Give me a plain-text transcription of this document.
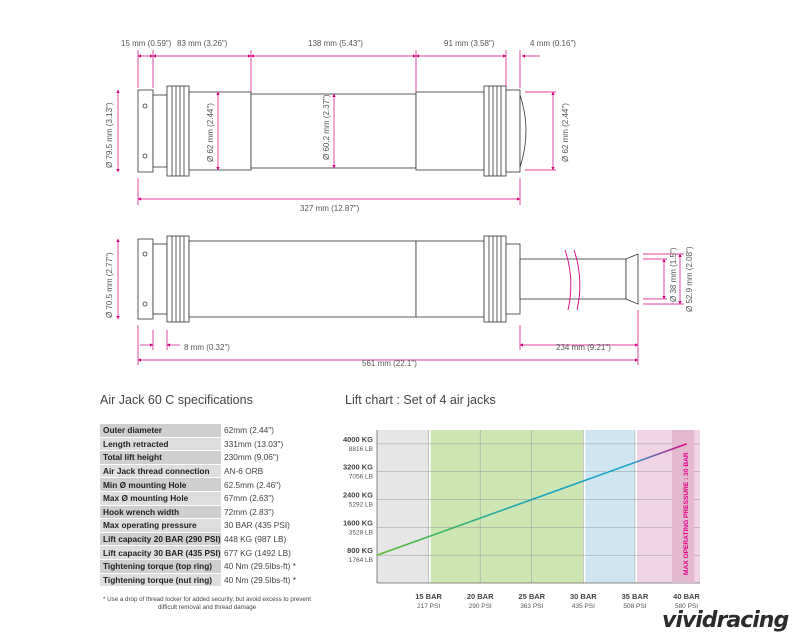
15 mm (0.59") 83 mm (3.26")	138 mm (5.43")	91 mm (3.58")	4 mm (0.16")
Ø 79.5 mm (3.13")	Ø 62 mm (2.44")	Ø 60.2 mm (2.37")	Ø 62 mm (2.44")
327 mm (12.87")
Ø 70.5 mm (2.77")	Ø 38 mm (1.5") Ø 52.9 mm (2.08")
8 mm (0.32")	234 mm (9.21")
561 mm (22.1")
Air Jack 60 C specifications
Outer diameter	62mm (2.44")
Length retracted	331mm (13.03")
Total lift height	230mm (9.06")
Air Jack thread connection	AN-6 ORB
Min Ø mounting Hole	62.5mm (2.46")
Max Ø mounting Hole	67mm (2.63")
Hook wrench width	72mm (2.83")
Max operating pressure	30 BAR (435 PSI)
Lift capacity 20 BAR (290 PSI)	448 KG (987 LB)
Lift capacity 30 BAR (435 PSI)	677 KG (1492 LB)
Tightening torque (top ring)	40 Nm (29.5lbs-ft) *
Tightening torque (nut ring)	40 Nm (29.5lbs-ft) *
* Use a drop of thread locker for added security, but avoid excess to prevent difficult removal and thread damage
Lift chart : Set of 4 air jacks
MAX OPERATING PRESSURE : 30 BAR
800 KG
1764 LB
1600 KG
3528 LB
2400 KG
5292 LB
3200 KG
7056 LB
4000 KG
8816 LB
15 BAR
217 PSI
20 BAR
290 PSI
25 BAR
363 PSI
30 BAR
435 PSI
35 BAR
508 PSI
40 BAR
580 PSI
vividracing
